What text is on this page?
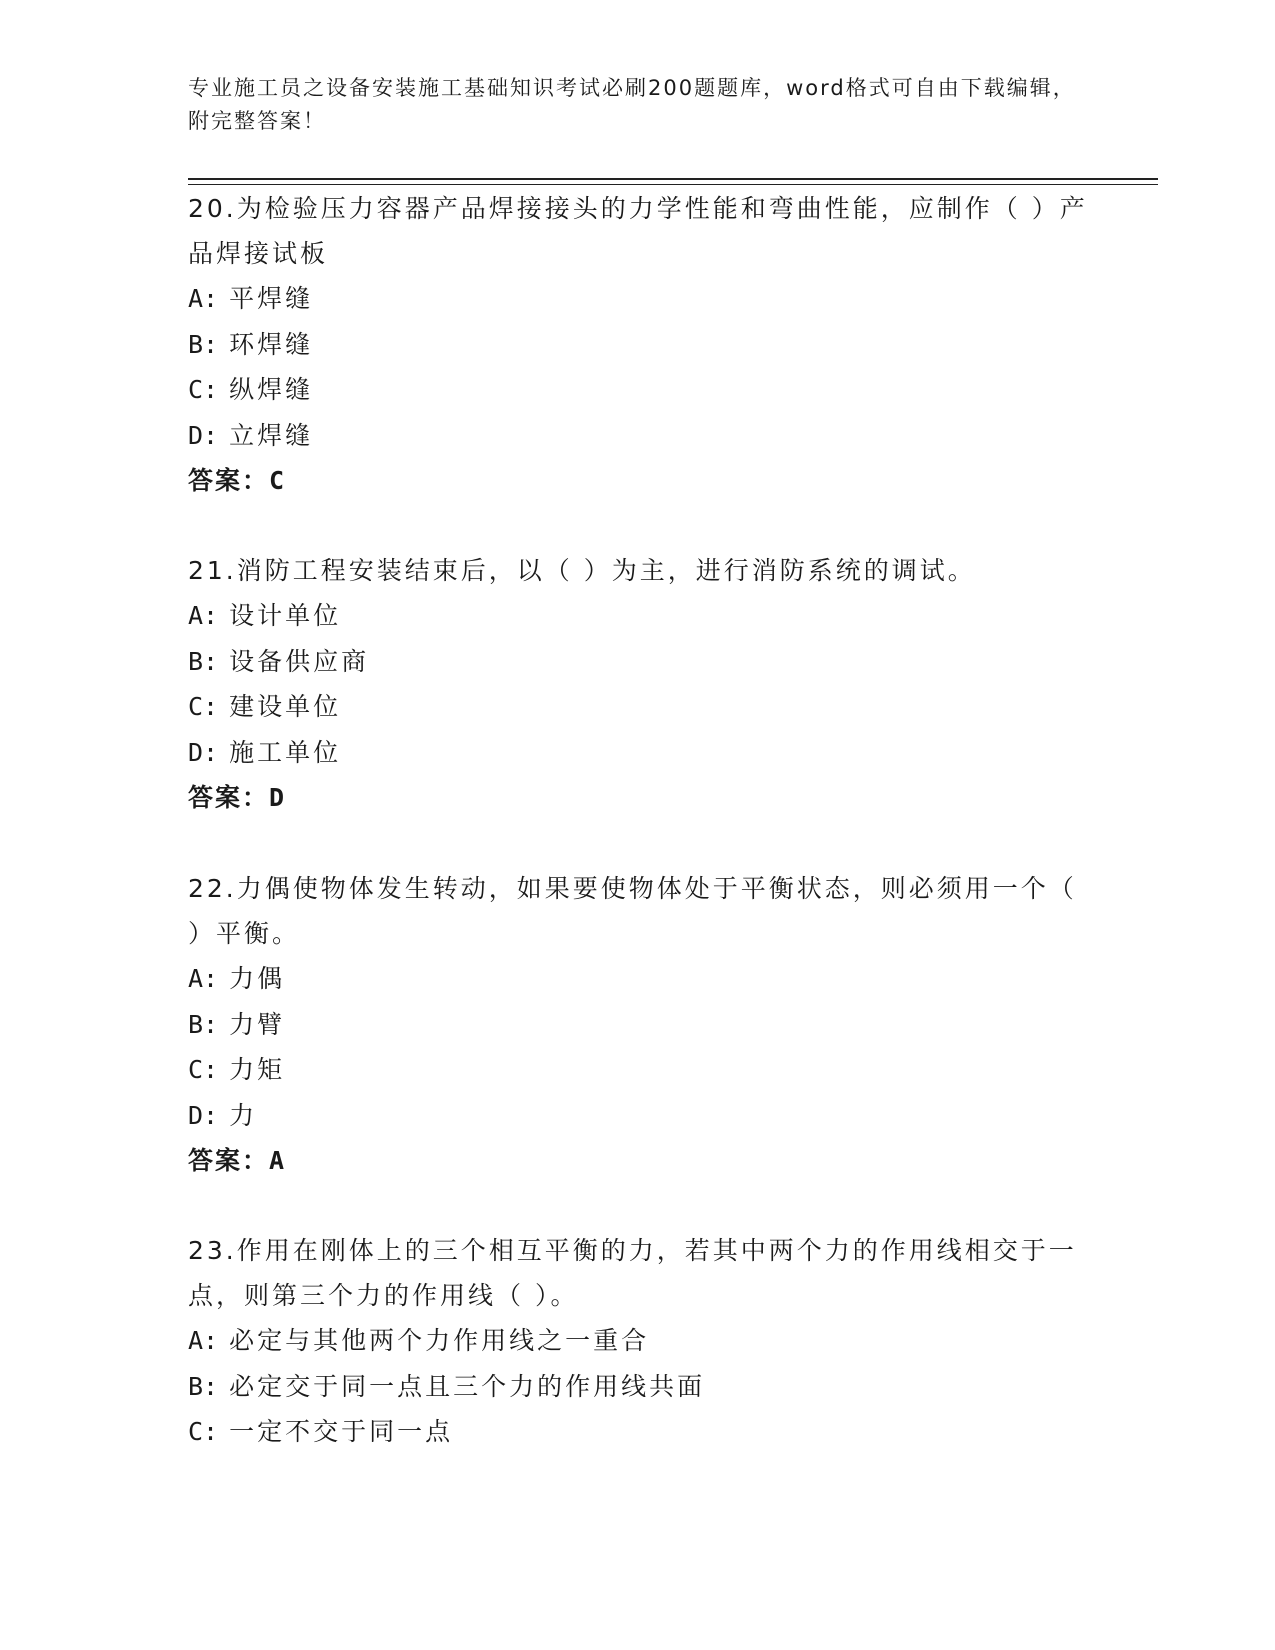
专业施工员之设备安装施工基础知识考试必刷200题题库，word格式可自由下载编辑，附完整答案！

20.为检验压力容器产品焊接接头的力学性能和弯曲性能，应制作（ ）产品焊接试板

A: 平焊缝

B: 环焊缝

C: 纵焊缝

D: 立焊缝

答案：C

21.消防工程安装结束后，以（ ）为主，进行消防系统的调试。

A: 设计单位

B: 设备供应商

C: 建设单位

D: 施工单位

答案：D

22.力偶使物体发生转动，如果要使物体处于平衡状态，则必须用一个（ ）平衡。

A: 力偶

B: 力臂

C: 力矩

D: 力

答案：A

23.作用在刚体上的三个相互平衡的力，若其中两个力的作用线相交于一点，则第三个力的作用线（ ）。

A: 必定与其他两个力作用线之一重合

B: 必定交于同一点且三个力的作用线共面

C: 一定不交于同一点
